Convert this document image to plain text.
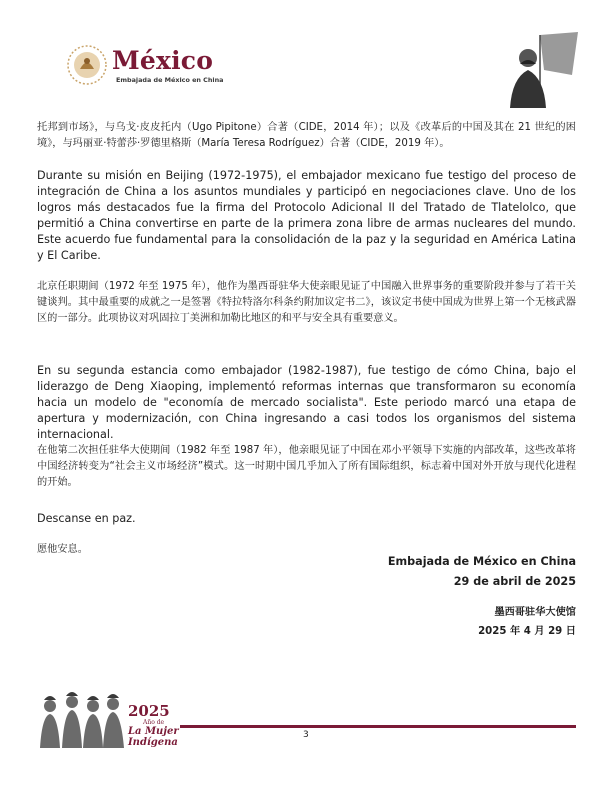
México
Embajada de México en China

托邦到市场》，与乌戈·皮皮托内（Ugo Pipitone）合著（CIDE，2014 年）；以及《改革后的中国及其在 21 世纪的困境》，与玛丽亚·特蕾莎·罗德里格斯（María Teresa Rodríguez）合著（CIDE，2019 年）。

Durante su misión en Beijing (1972-1975), el embajador mexicano fue testigo del proceso de integración de China a los asuntos mundiales y participó en negociaciones clave. Uno de los logros más destacados fue la firma del Protocolo Adicional II del Tratado de Tlatelolco, que permitió a China convertirse en parte de la primera zona libre de armas nucleares del mundo. Este acuerdo fue fundamental para la consolidación de la paz y la seguridad en América Latina y El Caribe.

北京任职期间（1972 年至 1975 年），他作为墨西哥驻华大使亲眼见证了中国融入世界事务的重要阶段并参与了若干关键谈判。其中最重要的成就之一是签署《特拉特洛尔科条约附加议定书二》，该议定书使中国成为世界上第一个无核武器区的一部分。此项协议对巩固拉丁美洲和加勒比地区的和平与安全具有重要意义。

En su segunda estancia como embajador (1982-1987), fue testigo de cómo China, bajo el liderazgo de Deng Xiaoping, implementó reformas internas que transformaron su economía hacia un modelo de "economía de mercado socialista". Este periodo marcó una etapa de apertura y modernización, con China ingresando a casi todos los organismos del sistema internacional.

在他第二次担任驻华大使期间（1982 年至 1987 年），他亲眼见证了中国在邓小平领导下实施的内部改革，这些改革将中国经济转变为“社会主义市场经济”模式。这一时期中国几乎加入了所有国际组织，标志着中国对外开放与现代化进程的开始。

Descanse en paz.

愿他安息。

Embajada de México en China
29 de abril de 2025
墨西哥驻华大使馆
2025 年 4 月 29 日
2025
Año de
La Mujer
Indígena
3
